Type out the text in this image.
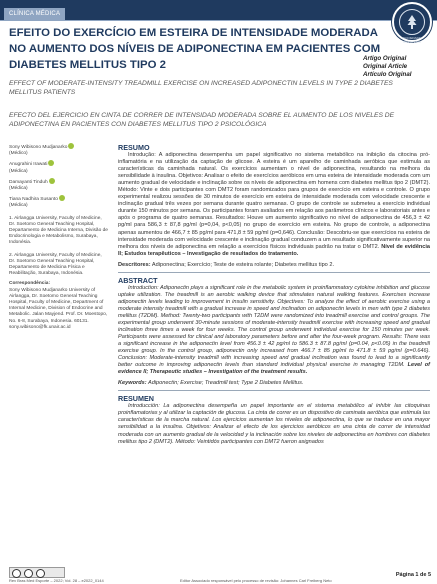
CLÍNICA MÉDICA
SOCIEDADE BRASILEIRA
EFEITO DO EXERCÍCIO EM ESTEIRA DE INTENSIDADE MODERADA NO AUMENTO DOS NÍVEIS DE ADIPONECTINA EM PACIENTES COM DIABETES MELLITUS TIPO 2
Artigo Original
Original Article
Artículo Original
EFFECT OF MODERATE-INTENSITY TREADMILL EXERCISE ON INCREASED ADIPONECTIN LEVELS IN TYPE 2 DIABETES MELLITUS PATIENTS
EFECTO DEL EJERCICIO EN CINTA DE CORRER DE INTENSIDAD MODERADA SOBRE EL AUMENTO DE LOS NIVELES DE ADIPONECTINA EN PACIENTES CON DIABETES MELLITUS TIPO 2 PSICOLÓGICA
Sony Wibisono Mudjanarko
(Médico)
Anugrahini Irawati
(Médica)
Damayanti Tinduh
(Médica)
Tiana Nadhira Susanto
(Médica)
1. Airlangga University, Faculty of Medicine, Dr. Soetomo General Teaching Hospital, Departamento de Medicina Interna, Divisão de Endocrinologia e Metabolismo, Surabaya, Indonésia.
2. Airlangga University, Faculty of Medicine, Dr. Soetomo General Teaching Hospital, Departamento de Medicina Física e Reabilitação, Surabaya, Indonésia.
Correspondência:
Sony Wibisono Mudjanarko University of Airlangga, Dr. Soetomo General Teaching Hospital, Faculty of Medicine, Department of Internal Medicine, Division of Endocrine and Metabolic. Jalan Mayjend. Prof. Dr. Moestopo, No. 6-8, Surabaya, Indonesia. 60131. sony.wibisono@fk.unair.ac.id
RESUMO

Introdução: A adiponectina desempenha um papel significativo no sistema metabólico na inibição da citocina pró-inflamatória e na utilização da captação de glicose. A esteira é um aparelho de caminhada aeróbica que estimula as características da caminhada natural. Os exercícios aumentam o nível de adiponectina, resultando na melhora da sensibilidade à insulina. Objetivos: Analisar o efeito de exercícios aeróbicos em uma esteira de intensidade moderada com um aumento gradual de velocidade e inclinação sobre os níveis de adiponectina em homens com diabetes mellitus tipo 2 (DMT2). Método: Vinte e dois participantes com DMT2 foram randomizados para grupos de exercício em esteira e controle. O grupo experimental realizou sessões de 30 minutos de exercício em esteira de intensidade moderada com velocidade crescente e inclinação gradual três vezes por semana durante quatro semanas. O grupo de controle se submeteu a exercício individual durante 150 minutos por semana. Os participantes foram avaliados em relação aos parâmetros clínicos e laboratoriais antes e após o programa de quatro semanas. Resultados: Houve um aumento significativo no nível de adiponectina de 456,3 ± 42 pg/ml para 586,3 ± 87,8 pg/ml (p=0,04, p<0,05) no grupo de exercício em esteira. No grupo de controle, a adiponectina apenas aumentou de 466,7 ± 85 pg/ml para 471,8 ± 59 pg/ml (p=0,646). Conclusão: Descobriu-se que exercícios na esteira de intensidade moderada com velocidade crescente e inclinação gradual conduzem a um resultado significativamente superior na melhora dos níveis de adiponectina em relação a exercícios físicos individuais padrão na tratar o DMT2. Nível de evidência II; Estudos terapêuticos – Investigação de resultados do tratamento.

Descritores: Adiponectina; Exercício; Teste de esteira rolante; Diabetes mellitus tipo 2.

ABSTRACT

Introduction: Adiponectin plays a significant role in the metabolic system in proinflammatory cytokine inhibition and glucose uptake utilization. The treadmill is an aerobic walking device that stimulates natural walking features. Exercises increase adiponectin levels leading to improvement in insulin sensitivity. Objectives: To analyze the effect of aerobic exercise using a moderate intensity treadmill with a gradual increase in speed and inclination on adiponectin levels in men with type 2 diabetes mellitus (T2DM). Method: Twenty-two participants with T2DM were randomized into treadmill exercise and control groups. The experimental group underwent 30-minute sessions of moderate-intensity treadmill exercise with increasing speed and gradual inclination three times a week for four weeks. The control group underwent individual exercise for 150 minutes per week. Participants were assessed for clinical and laboratory parameters before and after the four-week program. Results: There was a significant increase in the adiponectin level from 456.3 ± 42 pg/ml to 586.3 ± 87.8 pg/ml (p=0.04, p<0.05) in the treadmill exercise group. In the control group, adiponectin only increased from 466.7 ± 85 pg/ml to 471.8 ± 59 pg/ml (p=0.646). Conclusion: Moderate-intensity treadmill with increasing speed and gradual inclination was found to lead to a significantly better outcome in improving adiponectin levels than standard individual physical exercise in managing T2DM. Level of evidence II; Therapeutic studies – Investigation of the treatment results.

Keywords: Adiponectin; Exercise; Treadmill test; Type 2 Diabetes Mellitus.

RESUMEN

Introducción: La adiponectina desempeña un papel importante en el sistema metabólico al inhibir las citoquinas proinflamatorias y al utilizar la captación de glucosa. La cinta de correr es un dispositivo de caminata aeróbica que estimula las características de la marcha natural. Los ejercicios aumentan los niveles de adiponectina, lo que se traduce en una mayor sensibilidad a la insulina. Objetivos: Analizar el efecto de los ejercicios aeróbicos en una cinta de correr de intensidad moderada con un aumento gradual de la velocidad y la inclinación sobre los niveles de adiponectina en hombres con diabetes mellitus tipo 2 (DMT2). Método: Veintidós participantes con DMT2 fueron asignados

Rev Bras Med Esporte – 2022; Vol. 28 – e2022_0144	Editor Associado responsável pelo processo de revisão: Johannes Carl Freiberg Neto
Página 1 de 5
